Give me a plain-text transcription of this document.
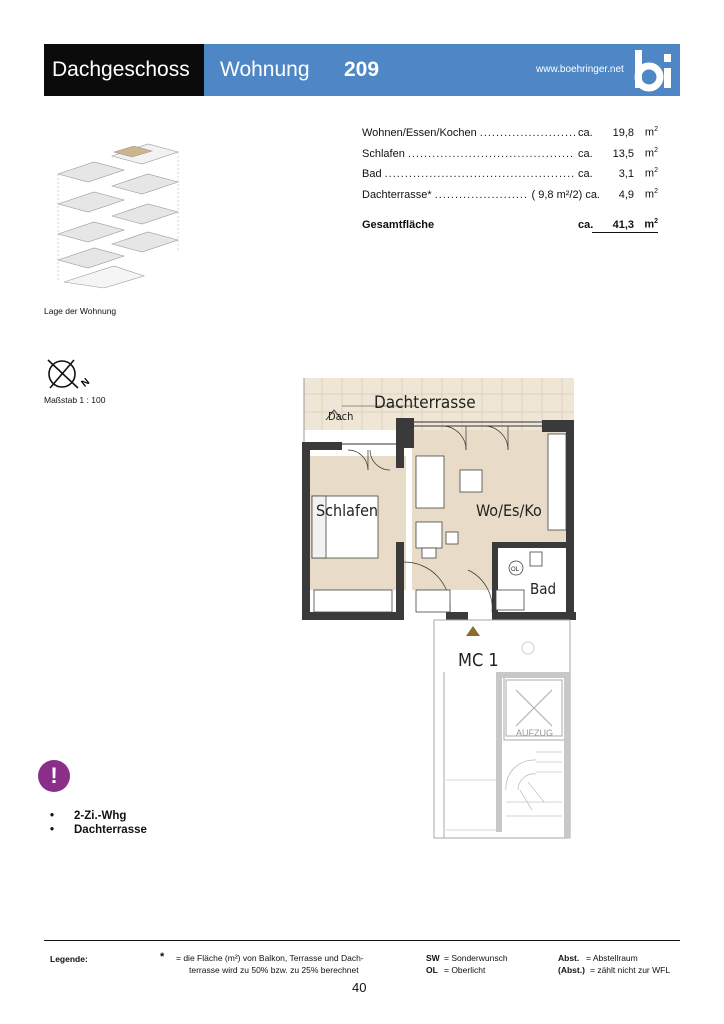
Dachgeschoss Wohnung 209	www.boehringer.net
Wohnen/Essen/Kochen .....	ca.	19,8 $m^2$
Schlafen .....	ca.	13,5 $m^2$
Bad .....	ca.	3,1 $m^2$
Dachterrasse* .....	( 9,8 m²/2) ca.	4,9 $m^2$
Gesamtfläche	ca.	41,3 $m^2$
Lage der Wohnung
N
Maßstab 1 : 100	Dachterrasse
Dach
Schlafen	Wo/Es/Ko
Bad
OL
MC 1
AUFZUG
!
• 2-Zi.-Whg
• Dachterrasse
Legende:	* = die Fläche (m²) von Balkon, Terrasse und Dach-
terrasse wird zu 50% bzw. zu 25% berechnet
SW = Sonderwunsch
OL = Oberlicht
Abst. = Abstellraum
(Abst.) = zählt nicht zur WFL
40
